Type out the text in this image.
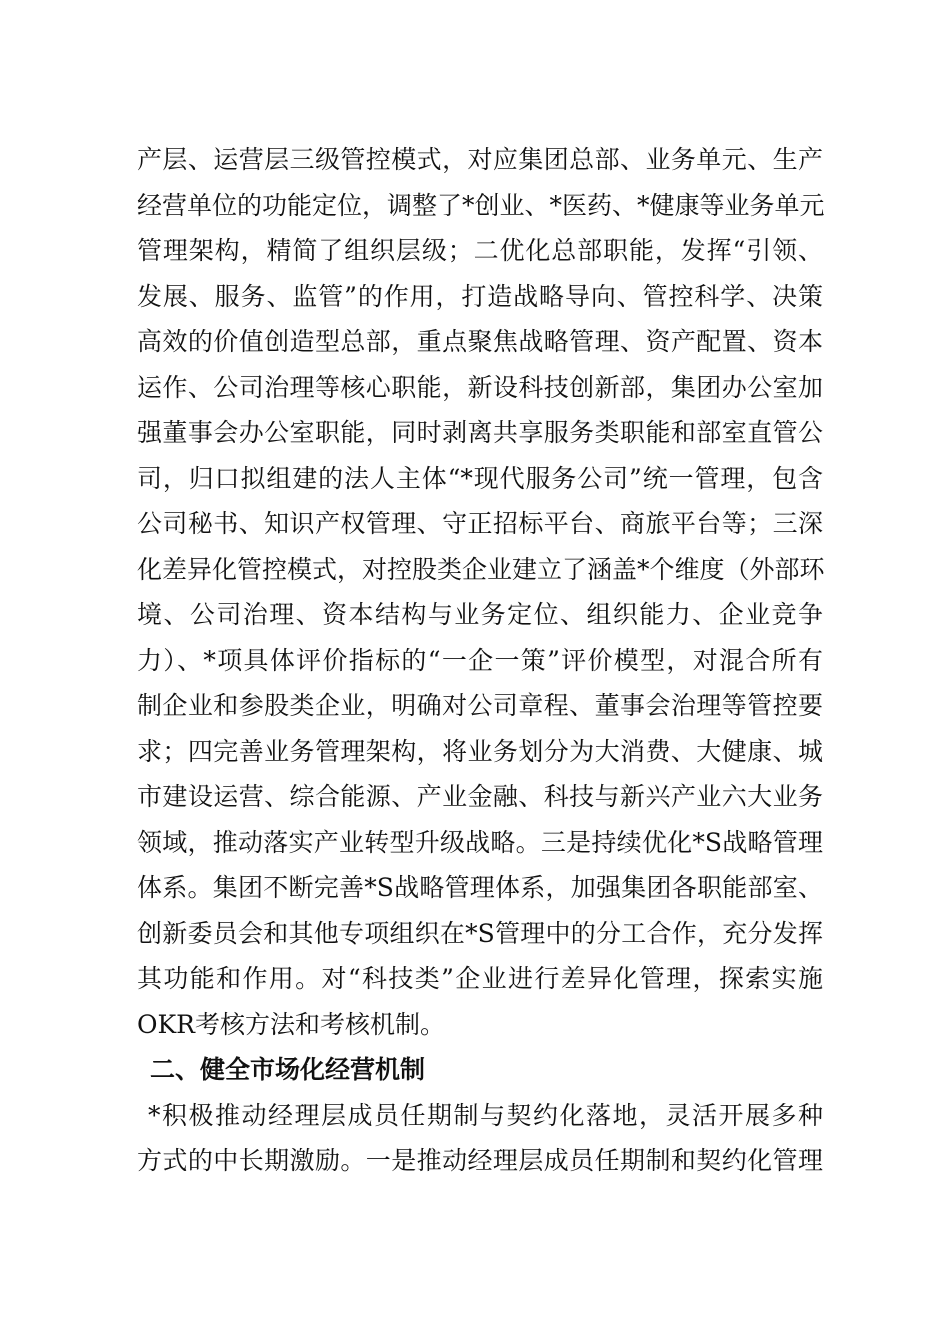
产层、运营层三级管控模式，对应集团总部、业务单元、生产
经营单位的功能定位，调整了*创业、*医药、*健康等业务单元
管理架构，精简了组织层级；二优化总部职能，发挥“引领、
发展、服务、监管”的作用，打造战略导向、管控科学、决策
高效的价值创造型总部，重点聚焦战略管理、资产配置、资本
运作、公司治理等核心职能，新设科技创新部，集团办公室加
强董事会办公室职能，同时剥离共享服务类职能和部室直管公
司，归口拟组建的法人主体“*现代服务公司”统一管理，包含
公司秘书、知识产权管理、守正招标平台、商旅平台等；三深
化差异化管控模式，对控股类企业建立了涵盖*个维度（外部环
境、公司治理、资本结构与业务定位、组织能力、企业竞争
力）、*项具体评价指标的“一企一策”评价模型，对混合所有
制企业和参股类企业，明确对公司章程、董事会治理等管控要
求；四完善业务管理架构，将业务划分为大消费、大健康、城
市建设运营、综合能源、产业金融、科技与新兴产业六大业务
领域，推动落实产业转型升级战略。三是持续优化*S战略管理
体系。集团不断完善*S战略管理体系，加强集团各职能部室、
创新委员会和其他专项组织在*S管理中的分工合作，充分发挥
其功能和作用。对“科技类”企业进行差异化管理，探索实施
OKR考核方法和考核机制。
二、健全市场化经营机制
*积极推动经理层成员任期制与契约化落地，灵活开展多种
方式的中长期激励。一是推动经理层成员任期制和契约化管理
